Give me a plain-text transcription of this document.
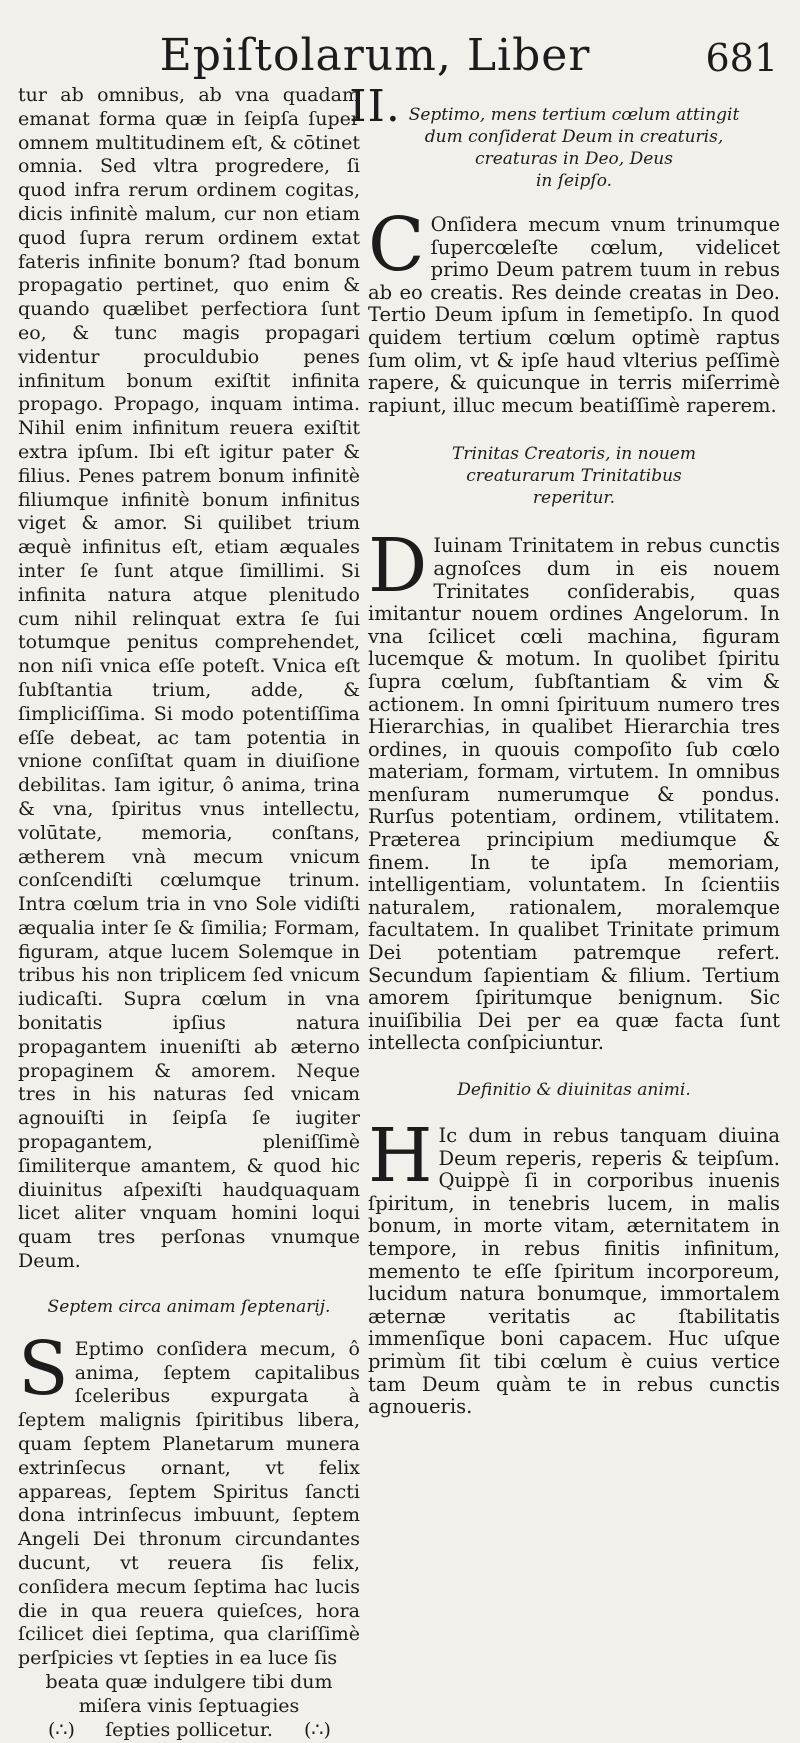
Epiſtolarum, Liber II.
681

tur ab omnibus, ab vna quadam emanat forma quæ in ſeipſa ſuper omnem multitudinem eſt, & cōtinet omnia. Sed vltra progredere, ſi quod infra rerum ordinem cogitas, dicis infinitè malum, cur non etiam quod ſupra rerum ordinem extat fateris infinite bonum? ſtad bonum propagatio pertinet, quo enim & quando quælibet perfectiora ſunt eo, & tunc magis propagari videntur proculdubio penes infinitum bonum exiſtit infinita propago. Propago, inquam intima. Nihil enim infinitum reuera exiſtit extra ipſum. Ibi eſt igitur pater & filius. Penes patrem bonum infinitè filiumque infinitè bonum infinitus viget & amor. Si quilibet trium æquè infinitus eſt, etiam æquales inter ſe ſunt atque ſimillimi. Si infinita natura atque plenitudo cum nihil relinquat extra ſe ſui totumque penitus comprehendet, non niſi vnica eſſe poteſt. Vnica eſt ſubſtantia trium, adde, & ſimpliciſſima. Si modo potentiſſima eſſe debeat, ac tam potentia in vnione conſiſtat quam in diuiſione debilitas. Iam igitur, ô anima, trina & vna, ſpiritus vnus intellectu, volūtate, memoria, conſtans, ætherem vnà mecum vnicum conſcendiſti cœlumque trinum. Intra cœlum tria in vno Sole vidiſti æqualia inter ſe & ſimilia; Formam, figuram, atque lucem Solemque in tribus his non triplicem ſed vnicum iudicaſti. Supra cœlum in vna bonitatis ipſius natura propagantem inueniſti ab æterno propaginem & amorem. Neque tres in his naturas ſed vnicam agnouiſti in ſeipſa ſe iugiter propagantem, pleniſſimè ſimiliterque amantem, & quod hic diuinitus aſpexiſti haudquaquam licet aliter vnquam homini loqui quam tres perſonas vnumque Deum.

Septem circa animam ſeptenarij.

S Eptimo conſidera mecum, ô anima, ſeptem capitalibus ſceleribus expurgata à ſeptem malignis ſpiritibus libera, quam ſeptem Planetarum munera extrinſecus ornant, vt felix appareas, ſeptem Spiritus ſancti dona intrinſecus imbuunt, ſeptem Angeli Dei thronum circundantes ducunt, vt reuera ſis felix, conſidera mecum ſeptima hac lucis die in qua reuera quieſces, hora ſcilicet diei ſeptima, qua clariſſimè perſpicies vt ſepties in ea luce ſis

beata quæ indulgere tibi dum
miſera vinis ſeptuagies
(∴)	ſepties pollicetur.	(∴)
Septimo, mens tertium cœlum attingit
dum conſiderat Deum in creaturis,
creaturas in Deo, Deus
in ſeipſo.

C Onſidera mecum vnum trinumque ſupercœleſte cœlum, videlicet primo Deum patrem tuum in rebus ab eo creatis. Res deinde creatas in Deo. Tertio Deum ipſum in ſemetipſo. In quod quidem tertium cœlum optimè raptus ſum olim, vt & ipſe haud vlterius peſſimè rapere, & quicunque in terris miſerrimè rapiunt, illuc mecum beatiſſimè raperem.

Trinitas Creatoris, in nouem creaturarum Trinitatibus
reperitur.

D Iuinam Trinitatem in rebus cunctis agnoſces dum in eis nouem Trinitates conſiderabis, quas imitantur nouem ordines Angelorum. In vna ſcilicet cœli machina, figuram lucemque & motum. In quolibet ſpiritu ſupra cœlum, ſubſtantiam & vim & actionem. In omni ſpirituum numero tres Hierarchias, in qualibet Hierarchia tres ordines, in quouis compoſito ſub cœlo materiam, formam, virtutem. In omnibus menſuram numerumque & pondus. Rurſus potentiam, ordinem, vtilitatem. Præterea principium mediumque & finem. In te ipſa memoriam, intelligentiam, voluntatem. In ſcientiis naturalem, rationalem, moralemque facultatem. In qualibet Trinitate primum Dei potentiam patremque refert. Secundum ſapientiam & filium. Tertium amorem ſpiritumque benignum. Sic inuiſibilia Dei per ea quæ facta ſunt intellecta conſpiciuntur.

Definitio & diuinitas animi.

H Ic dum in rebus tanquam diuina Deum reperis, reperis & teipſum. Quippè ſi in corporibus inuenis ſpiritum, in tenebris lucem, in malis bonum, in morte vitam, æternitatem in tempore, in rebus finitis infinitum, memento te eſſe ſpiritum incorporeum, lucidum natura bonumque, immortalem æternæ veritatis ac ſtabilitatis immenſique boni capacem. Huc uſque primùm ſit tibi cœlum è cuius vertice tam Deum quàm te in rebus cunctis agnoueris.
